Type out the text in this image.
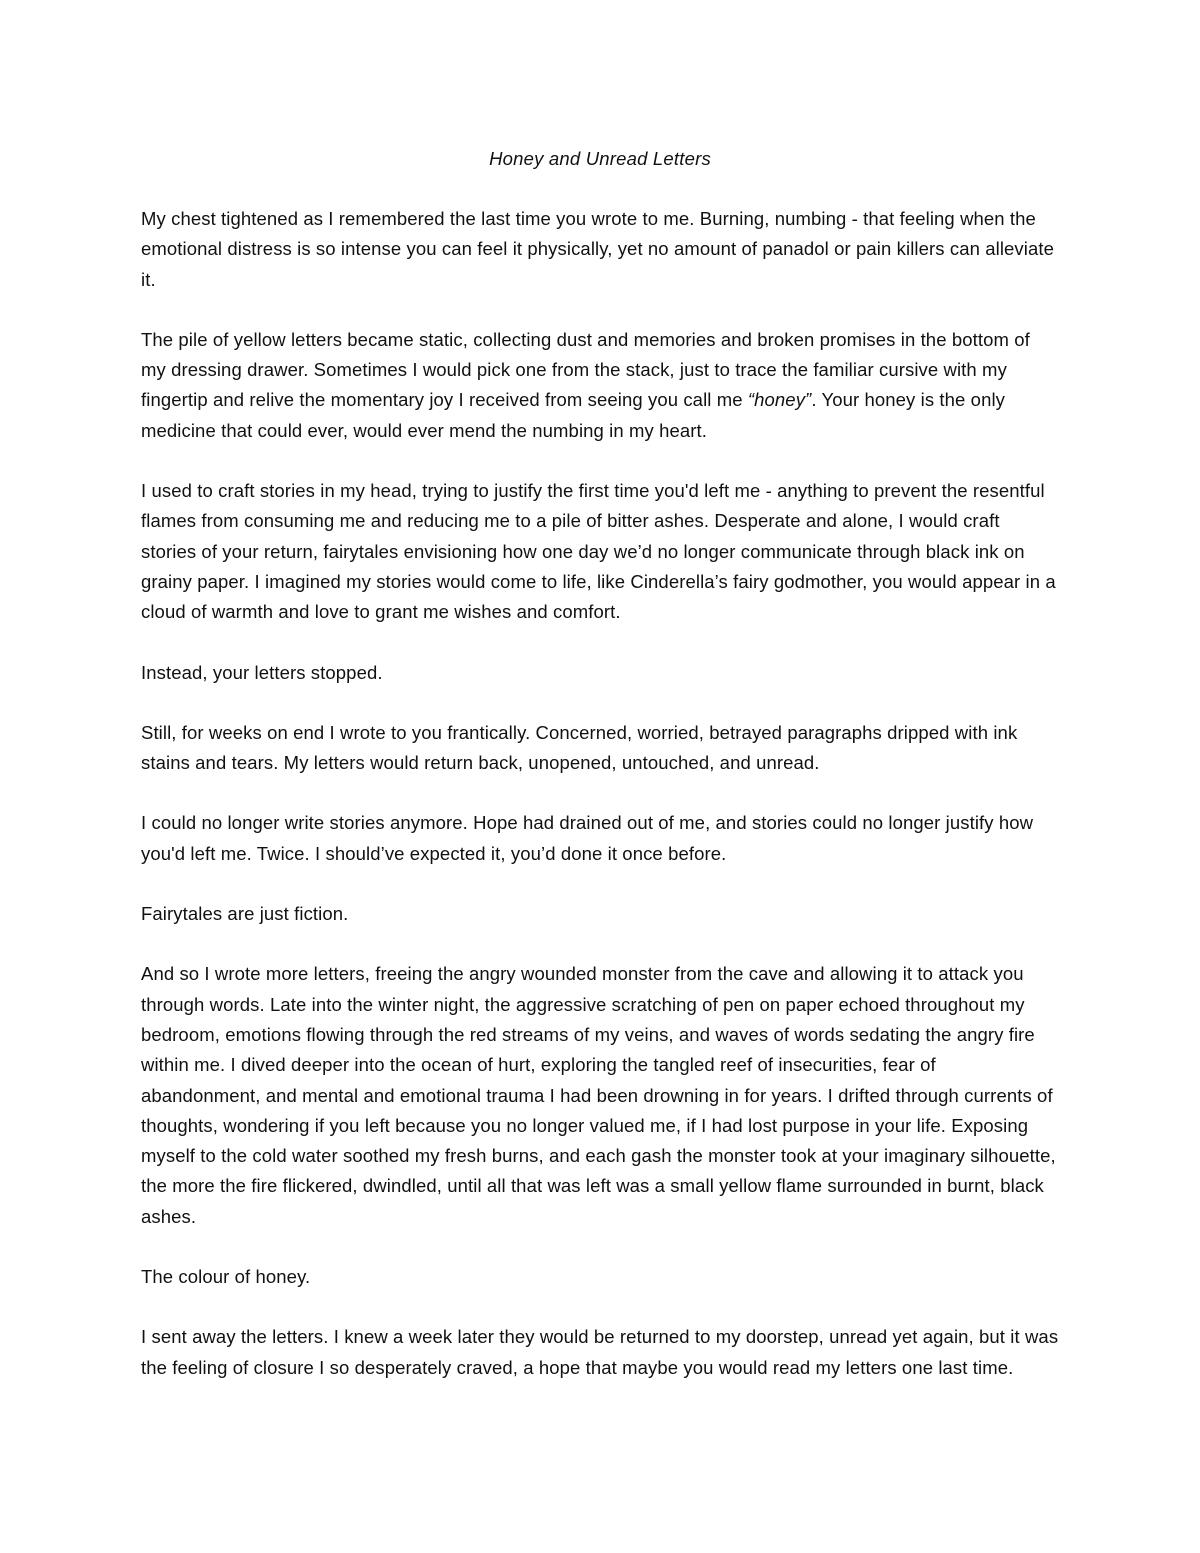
Honey and Unread Letters

My chest tightened as I remembered the last time you wrote to me. Burning, numbing - that feeling when the emotional distress is so intense you can feel it physically, yet no amount of panadol or pain killers can alleviate it.

The pile of yellow letters became static, collecting dust and memories and broken promises in the bottom of my dressing drawer. Sometimes I would pick one from the stack, just to trace the familiar cursive with my fingertip and relive the momentary joy I received from seeing you call me “honey”. Your honey is the only medicine that could ever, would ever mend the numbing in my heart.

I used to craft stories in my head, trying to justify the first time you'd left me - anything to prevent the resentful flames from consuming me and reducing me to a pile of bitter ashes. Desperate and alone, I would craft stories of your return, fairytales envisioning how one day we’d no longer communicate through black ink on grainy paper. I imagined my stories would come to life, like Cinderella’s fairy godmother, you would appear in a cloud of warmth and love to grant me wishes and comfort.

Instead, your letters stopped.

Still, for weeks on end I wrote to you frantically. Concerned, worried, betrayed paragraphs dripped with ink stains and tears. My letters would return back, unopened, untouched, and unread.

I could no longer write stories anymore. Hope had drained out of me, and stories could no longer justify how you'd left me. Twice. I should’ve expected it, you’d done it once before.

Fairytales are just fiction.

And so I wrote more letters, freeing the angry wounded monster from the cave and allowing it to attack you through words. Late into the winter night, the aggressive scratching of pen on paper echoed throughout my bedroom, emotions flowing through the red streams of my veins, and waves of words sedating the angry fire within me. I dived deeper into the ocean of hurt, exploring the tangled reef of insecurities, fear of abandonment, and mental and emotional trauma I had been drowning in for years. I drifted through currents of thoughts, wondering if you left because you no longer valued me, if I had lost purpose in your life. Exposing myself to the cold water soothed my fresh burns, and each gash the monster took at your imaginary silhouette, the more the fire flickered, dwindled, until all that was left was a small yellow flame surrounded in burnt, black ashes.

The colour of honey.

I sent away the letters. I knew a week later they would be returned to my doorstep, unread yet again, but it was the feeling of closure I so desperately craved, a hope that maybe you would read my letters one last time.
